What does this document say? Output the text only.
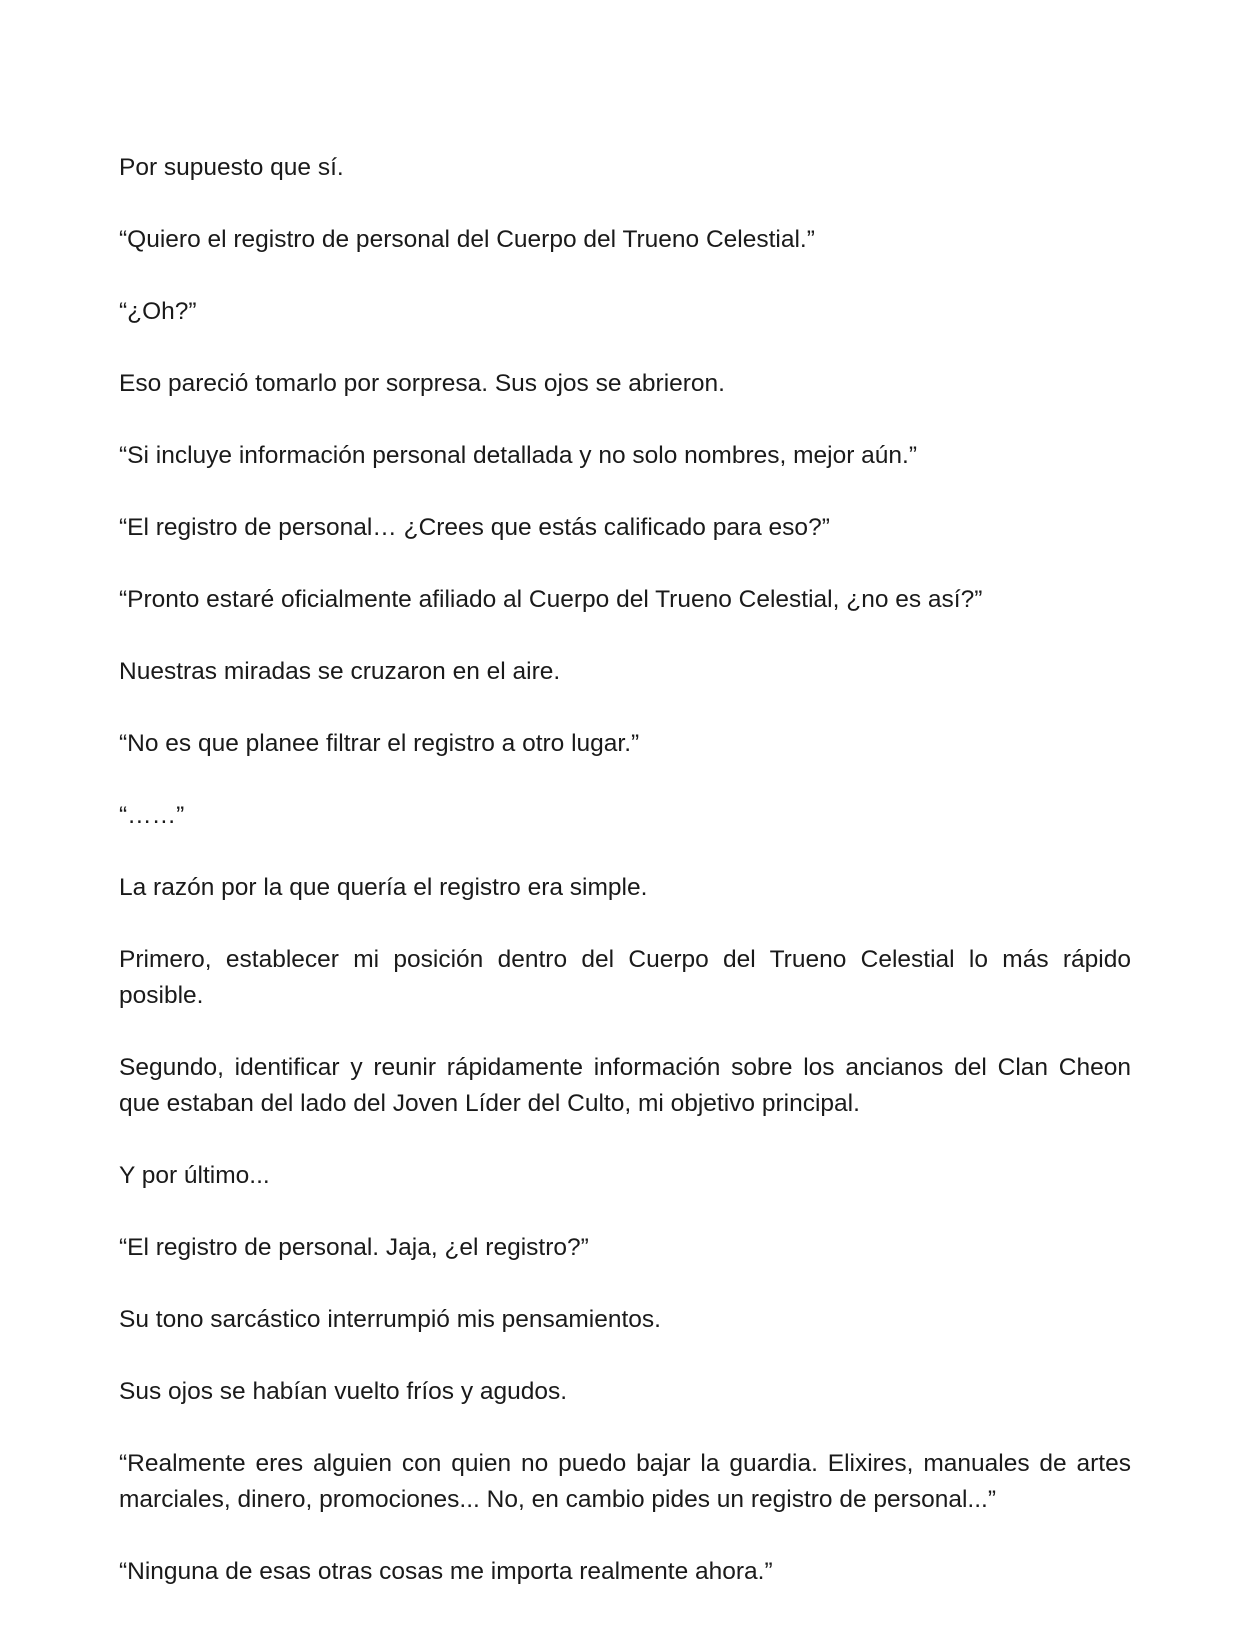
Por supuesto que sí.

“Quiero el registro de personal del Cuerpo del Trueno Celestial.”

“¿Oh?”

Eso pareció tomarlo por sorpresa. Sus ojos se abrieron.

“Si incluye información personal detallada y no solo nombres, mejor aún.”

“El registro de personal… ¿Crees que estás calificado para eso?”

“Pronto estaré oficialmente afiliado al Cuerpo del Trueno Celestial, ¿no es así?”

Nuestras miradas se cruzaron en el aire.

“No es que planee filtrar el registro a otro lugar.”

“……”

La razón por la que quería el registro era simple.

Primero, establecer mi posición dentro del Cuerpo del Trueno Celestial lo más rápido posible.

Segundo, identificar y reunir rápidamente información sobre los ancianos del Clan Cheon que estaban del lado del Joven Líder del Culto, mi objetivo principal.

Y por último...

“El registro de personal. Jaja, ¿el registro?”

Su tono sarcástico interrumpió mis pensamientos.

Sus ojos se habían vuelto fríos y agudos.

“Realmente eres alguien con quien no puedo bajar la guardia. Elixires, manuales de artes marciales, dinero, promociones... No, en cambio pides un registro de personal...”

“Ninguna de esas otras cosas me importa realmente ahora.”
